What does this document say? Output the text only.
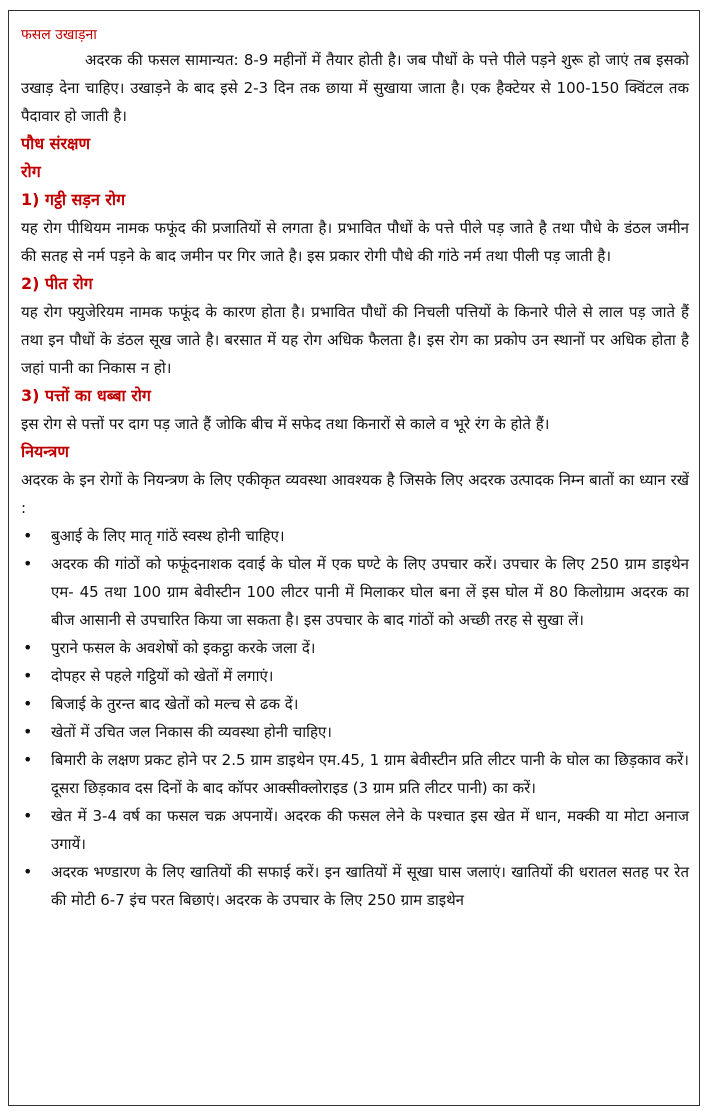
फसल उखाड़ना

अदरक की फसल सामान्यत: 8-9 महीनों में तैयार होती है। जब पौधों के पत्ते पीले पड़ने शुरू हो जाएं तब इसको उखाड़ देना चाहिए। उखाड़ने के बाद इसे 2-3 दिन तक छाया में सुखाया जाता है। एक हैक्टेयर से 100-150 क्विंटल तक पैदावार हो जाती है।

पौध संरक्षण
रोग
1) गट्ठी सड़न रोग

यह रोग पीथियम नामक फफूंद की प्रजातियों से लगता है। प्रभावित पौधों के पत्ते पीले पड़ जाते है तथा पौधे के डंठल जमीन की सतह से नर्म पड़ने के बाद जमीन पर गिर जाते है। इस प्रकार रोगी पौधे की गांठे नर्म तथा पीली पड़ जाती है।

2) पीत रोग

यह रोग फ्युजेरियम नामक फफूंद के कारण होता है। प्रभावित पौधों की निचली पत्तियों के किनारे पीले से लाल पड़ जाते हैं तथा इन पौधों के डंठल सूख जाते है। बरसात में यह रोग अधिक फैलता है। इस रोग का प्रकोप उन स्थानों पर अधिक होता है जहां पानी का निकास न हो।

3) पत्तों का धब्बा रोग

इस रोग से पत्तों पर दाग पड़ जाते हैं जोकि बीच में सफेद तथा किनारों से काले व भूरे रंग के होते हैं।

नियन्त्रण

अदरक के इन रोगों के नियन्त्रण के लिए एकीकृत व्यवस्था आवश्यक है जिसके लिए अदरक उत्पादक निम्न बातों का ध्यान रखें :

• बुआई के लिए मातृ गांठें स्वस्थ होनी चाहिए।
• अदरक की गांठों को फफूंदनाशक दवाई के घोल में एक घण्टे के लिए उपचार करें। उपचार के लिए 250 ग्राम डाइथेन एम- 45 तथा 100 ग्राम बेवीस्टीन 100 लीटर पानी में मिलाकर घोल बना लें इस घोल में 80 किलोग्राम अदरक का बीज आसानी से उपचारित किया जा सकता है। इस उपचार के बाद गांठों को अच्छी तरह से सुखा लें।
• पुराने फसल के अवशेषों को इकट्ठा करके जला दें।
• दोपहर से पहले गट्ठियों को खेतों में लगाएं।
• बिजाई के तुरन्त बाद खेतों को मल्च से ढक दें।
• खेतों में उचित जल निकास की व्यवस्था होनी चाहिए।
• बिमारी के लक्षण प्रकट होने पर 2.5 ग्राम डाइथेन एम.45, 1 ग्राम बेवीस्टीन प्रति लीटर पानी के घोल का छिड़काव करें। दूसरा छिड़काव दस दिनों के बाद कॉपर आक्सीक्लोराइड (3 ग्राम प्रति लीटर पानी) का करें।
• खेत में 3-4 वर्ष का फसल चक्र अपनायें। अदरक की फसल लेने के पश्चात इस खेत में धान, मक्की या मोटा अनाज उगायें।
• अदरक भण्डारण के लिए खातियों की सफाई करें। इन खातियों में सूखा घास जलाएं। खातियों की धरातल सतह पर रेत की मोटी 6-7 इंच परत बिछाएं। अदरक के उपचार के लिए 250 ग्राम डाइथेन
